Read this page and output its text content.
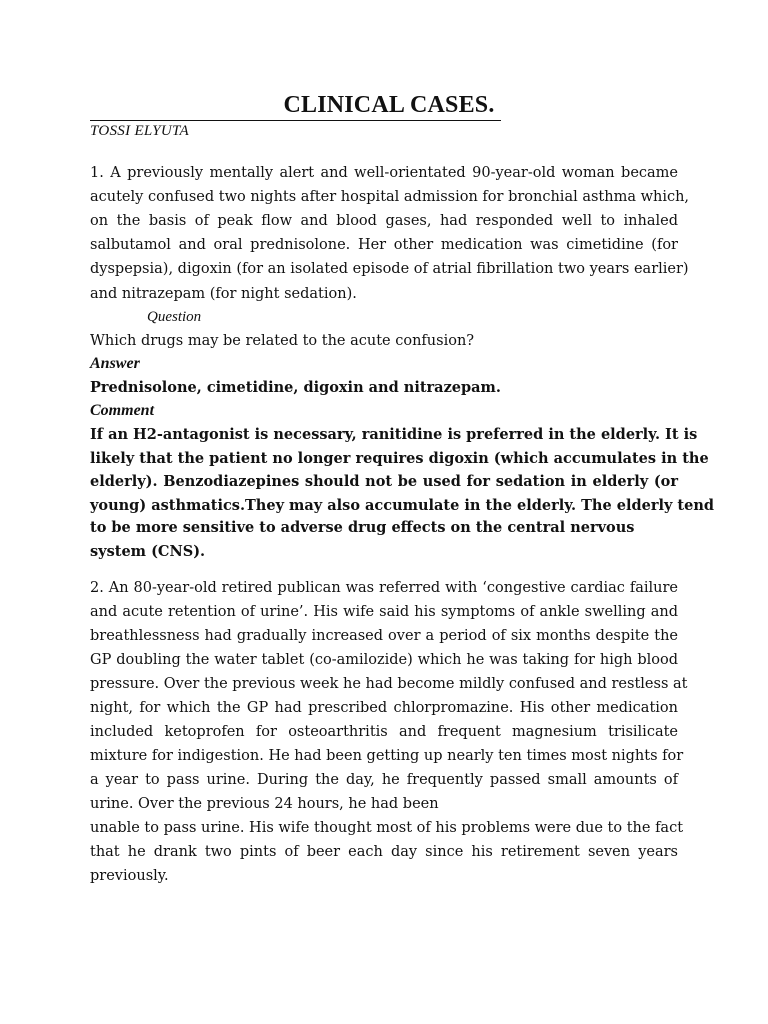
CLINICAL CASES.
TOSSI ELYUTA

1. A previously mentally alert and well-orientated 90-year-old woman became

acutely confused two nights after hospital admission for bronchial asthma which,

on the basis of peak flow and blood gases, had responded well to inhaled

salbutamol and oral prednisolone. Her other medication was cimetidine (for

dyspepsia), digoxin (for an isolated episode of atrial fibrillation two years earlier)

and nitrazepam (for night sedation).

Question

Which drugs may be related to the acute confusion?

Answer

Prednisolone, cimetidine, digoxin and nitrazepam.

Comment

If an H2-antagonist is necessary, ranitidine is preferred in the elderly. It is

likely that the patient no longer requires digoxin (which accumulates in the

elderly). Benzodiazepines should not be used for sedation in elderly (or

young) asthmatics.They may also accumulate in the elderly. The elderly tend

to be more sensitive to adverse drug effects on the central nervous

system (CNS).

2. An 80-year-old retired publican was referred with ‘congestive cardiac failure

and acute retention of urine’. His wife said his symptoms of ankle swelling and

breathlessness had gradually increased over a period of six months despite the

GP doubling the water tablet (co-amilozide) which he was taking for high blood

pressure. Over the previous week he had become mildly confused and restless at

night, for which the GP had prescribed chlorpromazine. His other medication

included ketoprofen for osteoarthritis and frequent magnesium trisilicate

mixture for indigestion. He had been getting up nearly ten times most nights for

a year to pass urine. During the day, he frequently passed small amounts of

urine. Over the previous 24 hours, he had been

unable to pass urine. His wife thought most of his problems were due to the fact

that he drank two pints of beer each day since his retirement seven years

previously.
